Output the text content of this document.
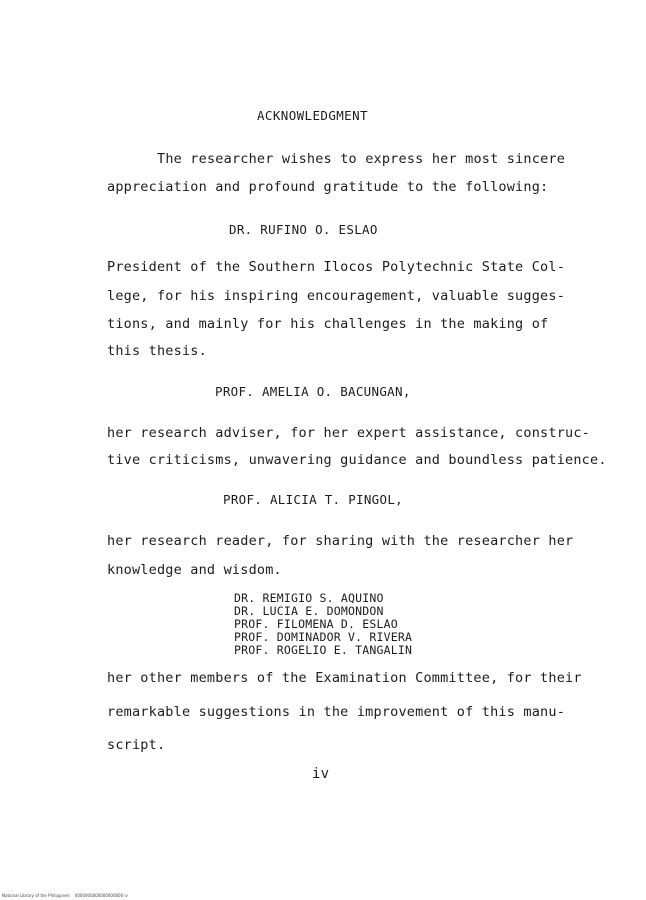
ACKNOWLEDGMENT
The researcher wishes to express her most sincere
appreciation and profound gratitude to the following:
DR. RUFINO O. ESLAO
President of the Southern Ilocos Polytechnic State Col-
lege, for his inspiring encouragement, valuable sugges-
tions, and mainly for his challenges in the making of
this thesis.
PROF. AMELIA O. BACUNGAN,
her research adviser, for her expert assistance, construc-
tive criticisms, unwavering guidance and boundless patience.
PROF. ALICIA T. PINGOL,
her research reader, for sharing with the researcher her
knowledge and wisdom.
DR. REMIGIO S. AQUINO
DR. LUCIA E. DOMONDON
PROF. FILOMENA D. ESLAO
PROF. DOMINADOR V. RIVERA
PROF. ROGELIO E. TANGALIN
her other members of the Examination Committee, for their
remarkable suggestions in the improvement of this manu-
script.
iv
National Library of the Philippines    0000000000000000000 iv
